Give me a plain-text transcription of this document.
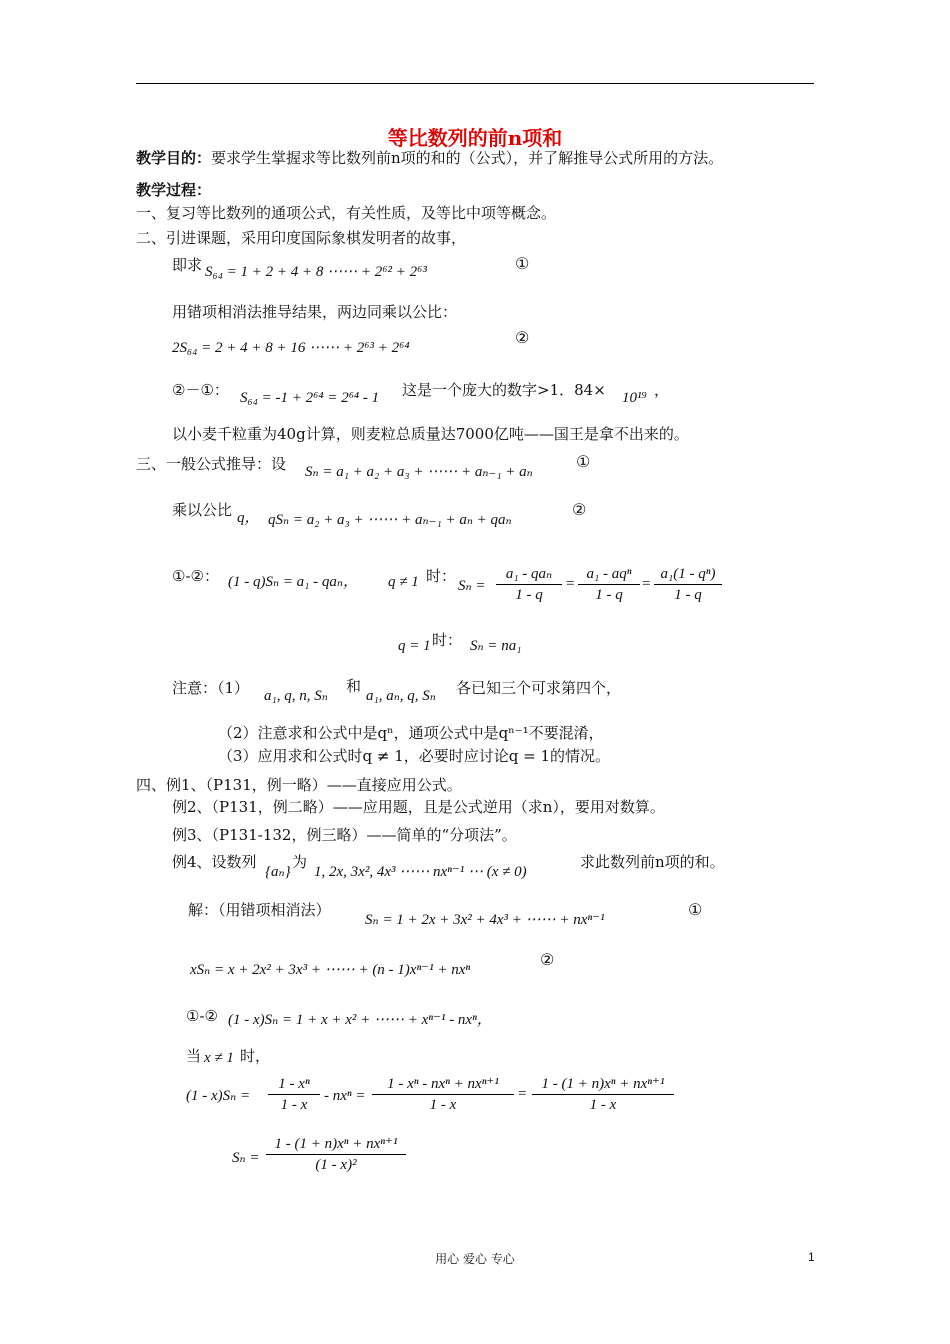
等比数列的前n项和
教学目的：要求学生掌握求等比数列前n项的和的（公式），并了解推导公式所用的方法。
教学过程：
一、复习等比数列的通项公式，有关性质，及等比中项等概念。
二、引进课题，采用印度国际象棋发明者的故事，
即求 S₆₄ = 1 + 2 + 4 + 8 ⋯⋯ + 2⁶² + 2⁶³	①
用错项相消法推导结果，两边同乘以公比：
2S₆₄ = 2 + 4 + 8 + 16 ⋯⋯ + 2⁶³ + 2⁶⁴
②
②－①： S₆₄ = -1 + 2⁶⁴ = 2⁶⁴ - 1 这是一个庞大的数字>1．84× 10¹⁹ ，
以小麦千粒重为40g计算，则麦粒总质量达7000亿吨——国王是拿不出来的。
三、一般公式推导：设 Sₙ = a₁ + a₂ + a₃ + ⋯⋯ + aₙ₋₁ + aₙ
①
乘以公比 q， qSₙ = a₂ + a₃ + ⋯⋯ + aₙ₋₁ + aₙ + qaₙ
②
①-②： (1 - q)Sₙ = a₁ - qaₙ， q ≠ 1 时：
Sₙ =
a₁ - qaₙ
1 - q
=
a₁ - aqⁿ
1 - q
= $\frac{\text{a₁(1 - qⁿ)}}{1 - q}$
q = 1 时： Sₙ = na₁
注意：（1） a₁, q, n, Sₙ
和
a₁, aₙ, q, Sₙ 各已知三个可求第四个，
（2）注意求和公式中是qⁿ，通项公式中是qⁿ⁻¹不要混淆，
（3）应用求和公式时q ≠ 1，必要时应讨论q = 1的情况。
四、例1、（P131，例一略）——直接应用公式。
例2、（P131，例二略）——应用题，且是公式逆用（求n），要用对数算。
例3、（P131-132，例三略）——简单的“分项法”。
例4、设数列
{aₙ}
为
1, 2x, 3x², 4x³ ⋯⋯ nxⁿ⁻¹ ⋯ (x ≠ 0)
求此数列前n项的和。
解：（用错项相消法）
Sₙ = 1 + 2x + 3x² + 4x³ + ⋯⋯ + nxⁿ⁻¹
①
xSₙ = x + 2x² + 3x³ + ⋯⋯ + (n - 1)xⁿ⁻¹ + nxⁿ
②
①-② (1 - x)Sₙ = 1 + x + x² + ⋯⋯ + xⁿ⁻¹ - nxⁿ，
当 x ≠ 1 时，
$(1 - x)S_n = \frac{\text{1 - xⁿ}}{1 - x} - nx^n$ =
1 - xⁿ - nxⁿ + nxⁿ⁺¹
1 - x
=
1 - (1 + n)xⁿ + nxⁿ⁺¹
1 - x
Sₙ =
1 - (1 + n)xⁿ + nxⁿ⁺¹
(1 - x)²
用心 爱心 专心	1
